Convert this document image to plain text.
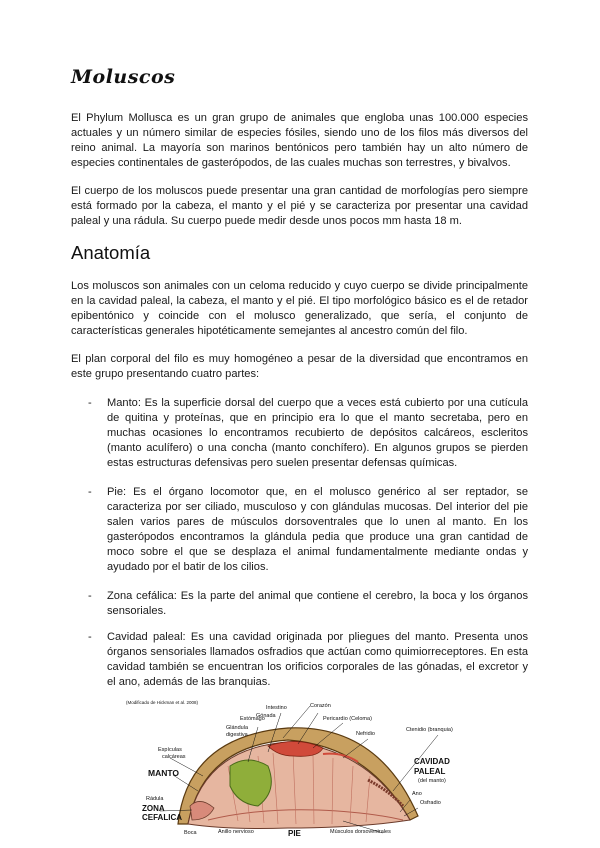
Moluscos

El Phylum Mollusca es un gran grupo de animales que engloba unas 100.000 especies actuales y un número similar de especies fósiles, siendo uno de los filos más diversos del reino animal. La mayoría son marinos bentónicos pero también hay un alto número de especies continentales de gasterópodos, de las cuales muchas son terrestres, y bivalvos.

El cuerpo de los moluscos puede presentar una gran cantidad de morfologías pero siempre está formado por la cabeza, el manto y el pié y se caracteriza por presentar una cavidad paleal y una rádula. Su cuerpo puede medir desde unos pocos mm hasta 18 m.

Anatomía

Los moluscos son animales con un celoma reducido y cuyo cuerpo se divide principalmente en la cavidad paleal, la cabeza, el manto y el pié. El tipo morfológico básico es el de retador epibentónico y coincide con el molusco generalizado, que sería, el conjunto de características generales hipotéticamente semejantes al ancestro común del filo.

El plan corporal del filo es muy homogéneo a pesar de la diversidad que encontramos en este grupo presentando cuatro partes:

- Manto: Es la superficie dorsal del cuerpo que a veces está cubierto por una cutícula de quitina y proteínas, que en principio era lo que el manto secretaba, pero en muchas ocasiones lo encontramos recubierto de depósitos calcáreos, escleritos (manto aculífero) o una concha (manto conchífero). En algunos grupos se pierden estas estructuras defensivas pero suelen presentar defensas químicas.
- Pie: Es el órgano locomotor que, en el molusco genérico al ser reptador, se caracteriza por ser ciliado, musculoso y con glándulas mucosas. Del interior del pie salen varios pares de músculos dorsoventrales que lo unen al manto. En los gasterópodos encontramos la glándula pedia que produce una gran cantidad de moco sobre el que se desplaza el animal fundamentalmente mediante ondas y ayudado por el batir de los cilios.
- Zona cefálica: Es la parte del animal que contiene el cerebro, la boca y los órganos sensoriales.
- Cavidad paleal: Es una cavidad originada por pliegues del manto. Presenta unos órganos sensoriales llamados osfradios que actúan como quimiorreceptores. En esta cavidad también se encuentran los orificios corporales de las gónadas, el excretor y el ano, además de las branquias.
(Modificado de Hickman et al. 2008)
Estómago
Glándula
digestiva
Espículas
calcáreas
MANTO
Rádula
ZONA
CEFALICA
Boca	Anillo nervioso	PIE	Músculos dorsoventrales
Intestino
Gónada
Corazón
Pericardio (Celoma)
Nefridio
Ctenidio (branquia)
CAVIDAD
PALEAL
(del manto)
Ano
Osfradio
